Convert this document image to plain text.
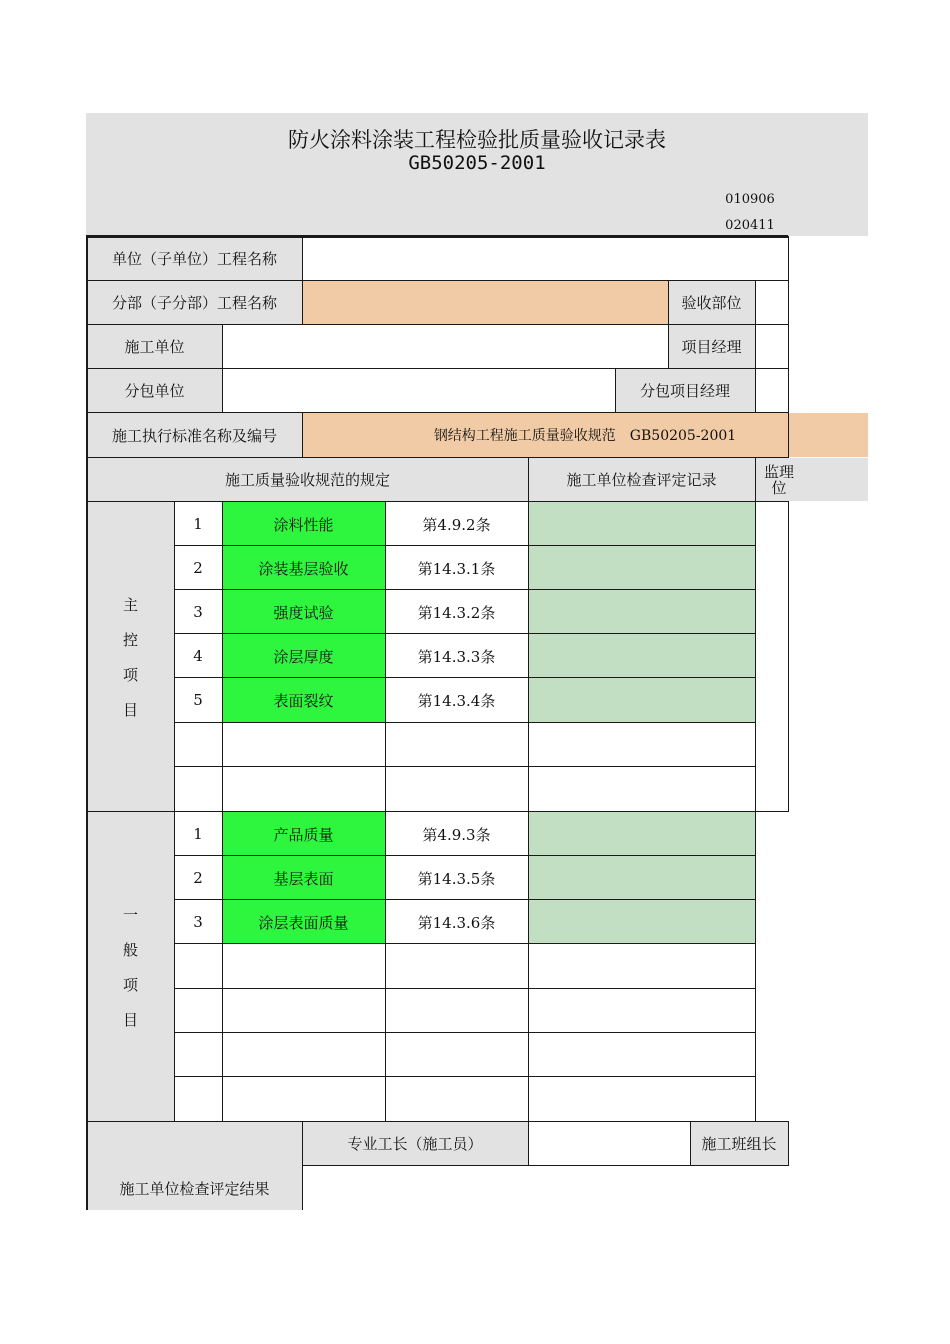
防火涂料涂装工程检验批质量验收记录表
GB50205-2001
010906
020411
单位（子单位）工程名称
分部（子分部）工程名称	验收部位
施工单位	项目经理
分包单位	分包项目经理
施工执行标准名称及编号	钢结构工程施工质量验收规范　GB50205-2001
施工质量验收规范的规定	施工单位检查评定记录	监理
位
主
控
项
目
1	涂料性能	第4.9.2条
2	涂装基层验收	第14.3.1条
3	强度试验	第14.3.2条
4	涂层厚度	第14.3.3条
5	表面裂纹	第14.3.4条
一
般
项
目
1	产品质量	第4.9.3条
2	基层表面	第14.3.5条
3	涂层表面质量	第14.3.6条
施工单位检查评定结果
专业工长（施工员）	施工班组长
